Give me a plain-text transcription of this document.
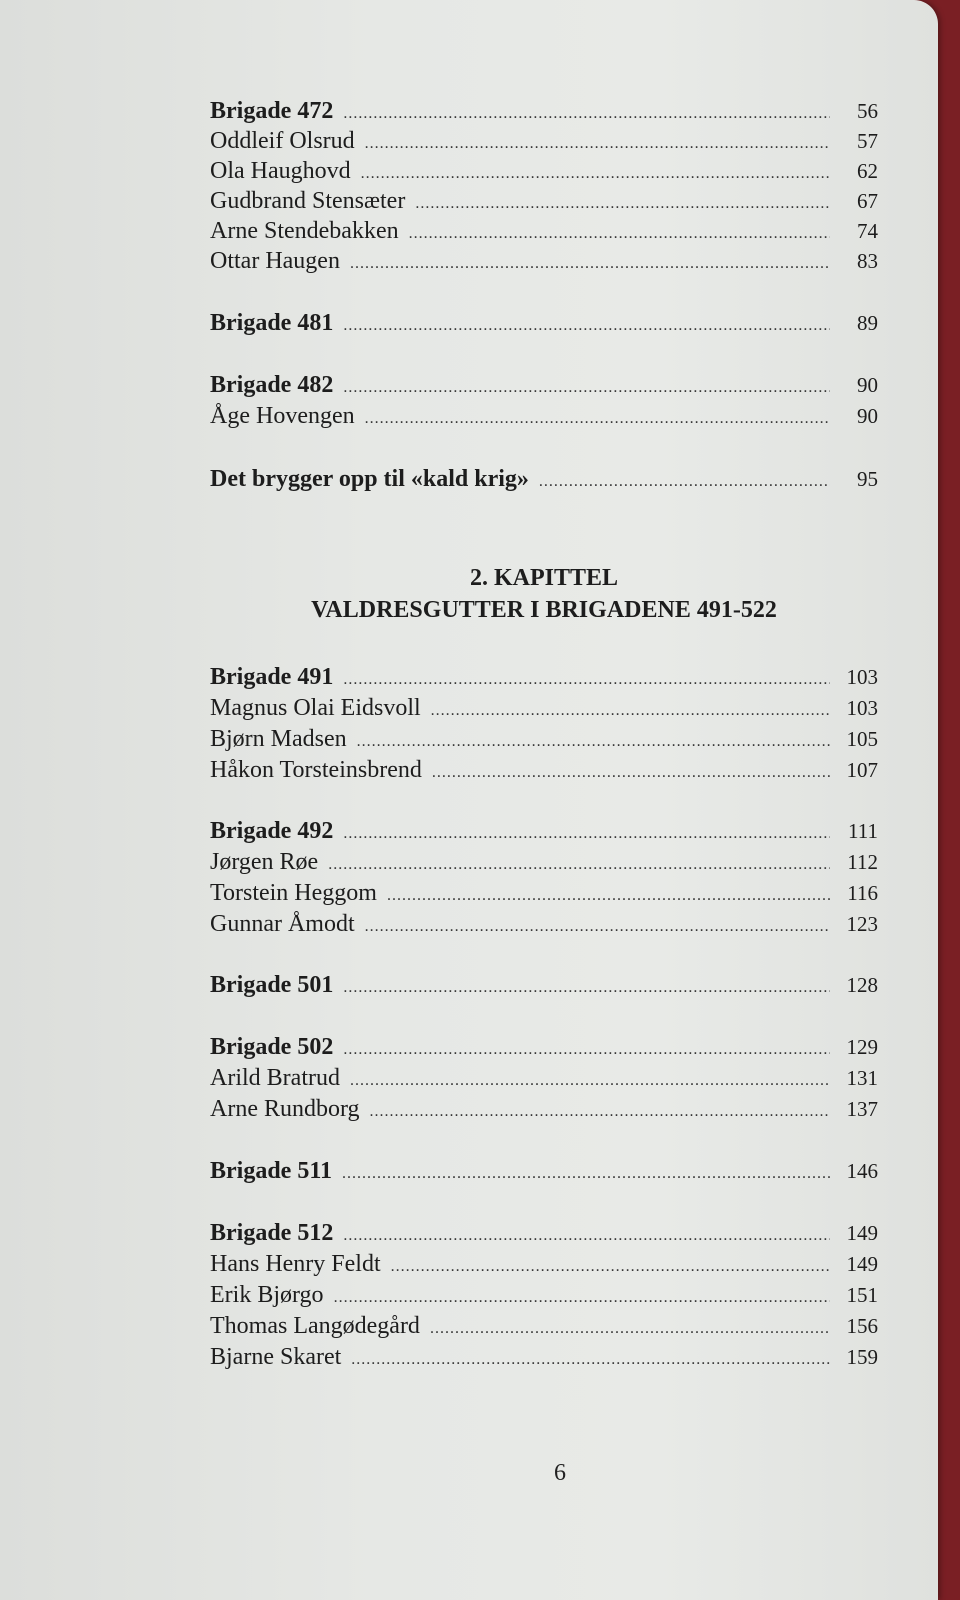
Brigade 472 .....	56
Oddleif Olsrud .....	57
Ola Haughovd .....	62
Gudbrand Stensæter .....	67
Arne Stendebakken .....	74
Ottar Haugen .....	83
Brigade 481 .....	89
Brigade 482 .....	90
Åge Hovengen .....	90
Det brygger opp til «kald krig» .....	95
2. KAPITTEL
VALDRESGUTTER I BRIGADENE 491-522
Brigade 491 .....	103
Magnus Olai Eidsvoll .....	103
Bjørn Madsen .....	105
Håkon Torsteinsbrend .....	107
Brigade 492 .....	111
Jørgen Røe .....	112
Torstein Heggom .....	116
Gunnar Åmodt .....	123
Brigade 501 .....	128
Brigade 502 .....	129
Arild Bratrud .....	131
Arne Rundborg .....	137
Brigade 511 .....	146
Brigade 512 .....	149
Hans Henry Feldt .....	149
Erik Bjørgo .....	151
Thomas Langødegård .....	156
Bjarne Skaret .....	159
6
